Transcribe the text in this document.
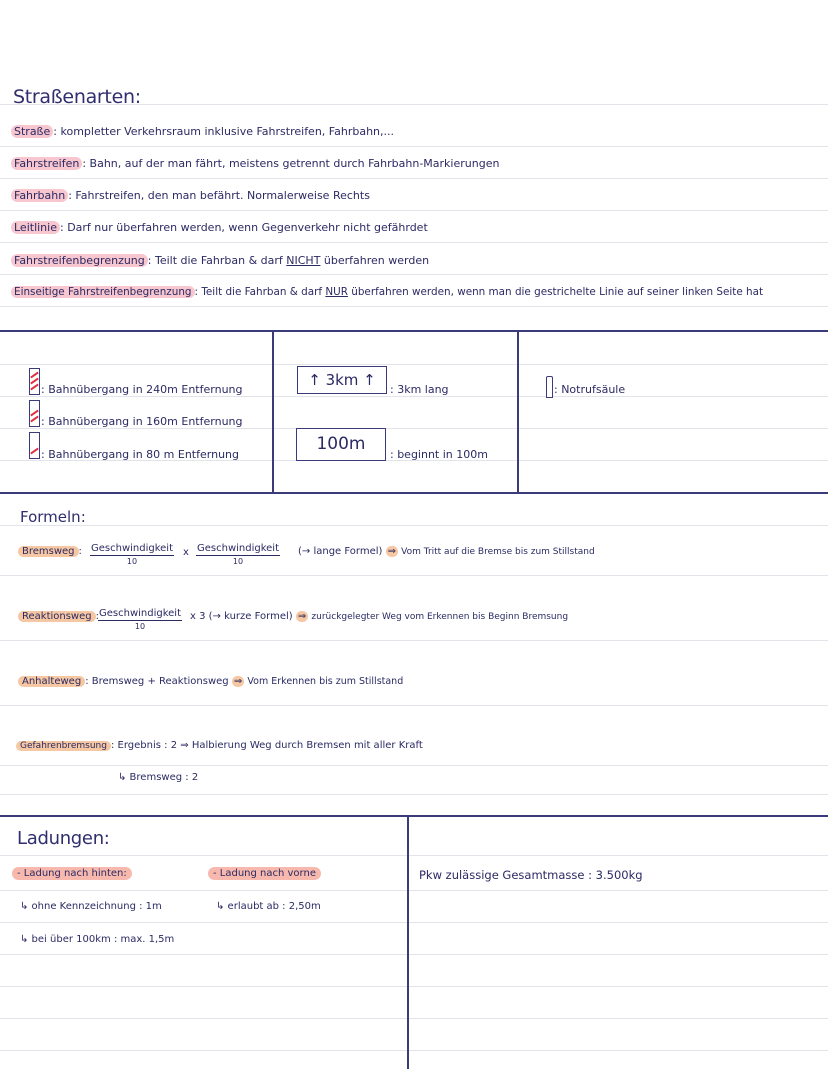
Straßenarten:
Straße : kompletter Verkehrsraum inklusive Fahrstreifen, Fahrbahn,...
Fahrstreifen : Bahn, auf der man fährt, meistens getrennt durch Fahrbahn-Markierungen
Fahrbahn : Fahrstreifen, den man befährt. Normalerweise Rechts
Leitlinie : Darf nur überfahren werden, wenn Gegenverkehr nicht gefährdet
Fahrstreifenbegrenzung : Teilt die Fahrban & darf NICHT überfahren werden
Einseitige Fahrstreifenbegrenzung : Teilt die Fahrban & darf NUR überfahren werden, wenn man die gestrichelte Linie auf seiner linken Seite hat
: Bahnübergang in 240m Entfernung
: Bahnübergang in 160m Entfernung
: Bahnübergang in 80 m Entfernung
↑ 3km ↑
: 3km lang
100m
: beginnt in 100m
: Notrufsäule
Formeln:
Bremsweg : Geschwindigkeit
10
x Geschwindigkeit
10
(→ lange Formel) ⇒ Vom Tritt auf die Bremse bis zum Stillstand
Reaktionsweg : Geschwindigkeit
10
x 3 (→ kurze Formel) ⇒ zurückgelegter Weg vom Erkennen bis Beginn Bremsung
Anhalteweg : Bremsweg + Reaktionsweg ⇒ Vom Erkennen bis zum Stillstand
Gefahrenbremsung : Ergebnis : 2 ⇒ Halbierung Weg durch Bremsen mit aller Kraft
↳ Bremsweg : 2
Ladungen:
- Ladung nach hinten:
↳ ohne Kennzeichnung : 1m
↳ bei über 100km : max. 1,5m
- Ladung nach vorne
↳ erlaubt ab : 2,50m
Pkw zulässige Gesamtmasse : 3.500kg
